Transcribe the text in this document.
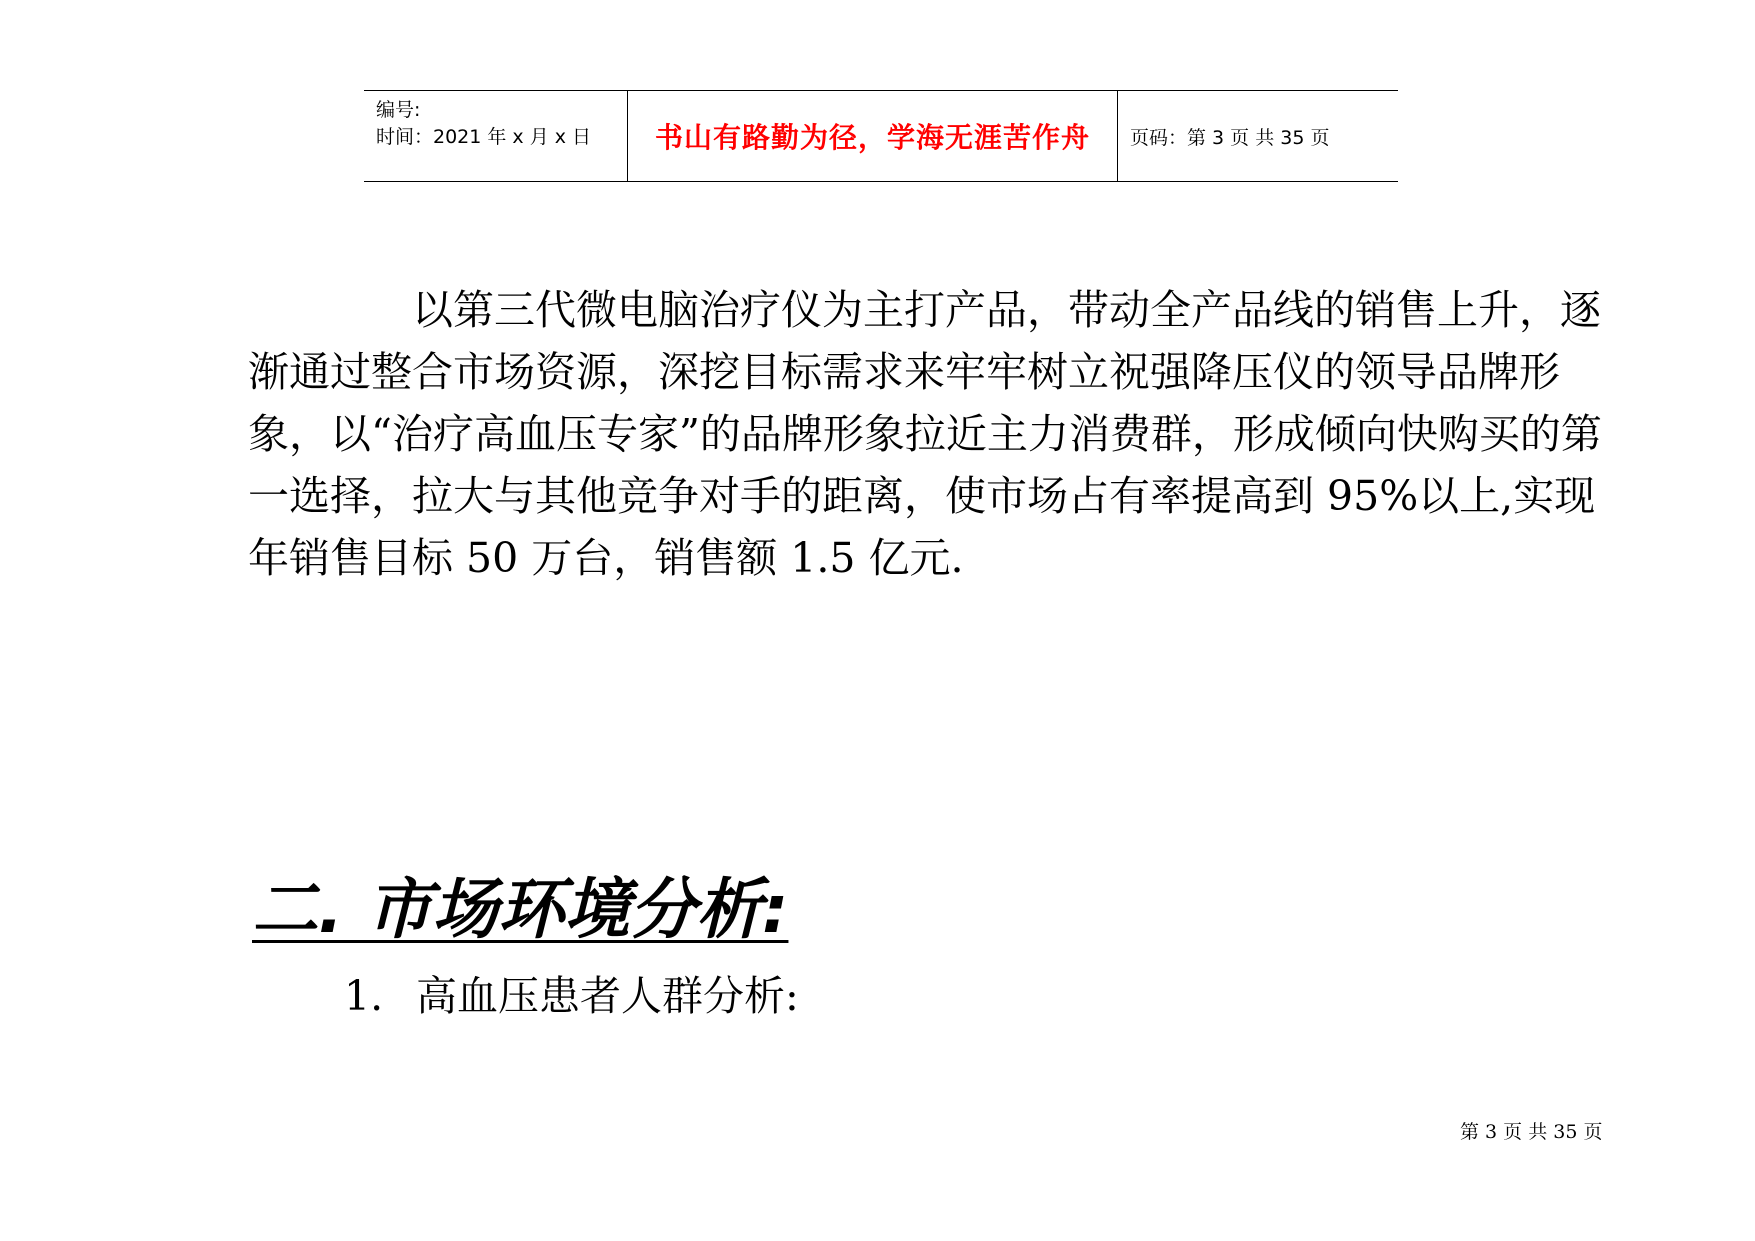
编号:
时间：2021 年 x 月 x 日 书山有路勤为径，学海无涯苦作舟 页码：第 3 页 共 35 页
以第三代微电脑治疗仪为主打产品，带动全产品线的销售上升，逐渐通过整合市场资源，深挖目标需求来牢牢树立祝强降压仪的领导品牌形象，以“治疗高血压专家”的品牌形象拉近主力消费群，形成倾向快购买的第一选择，拉大与其他竞争对手的距离，使市场占有率提高到 95%以上,实现年销售目标 50 万台，销售额 1.5 亿元.
二. 市场环境分析:
1. 高血压患者人群分析:
第 3 页 共 35 页
